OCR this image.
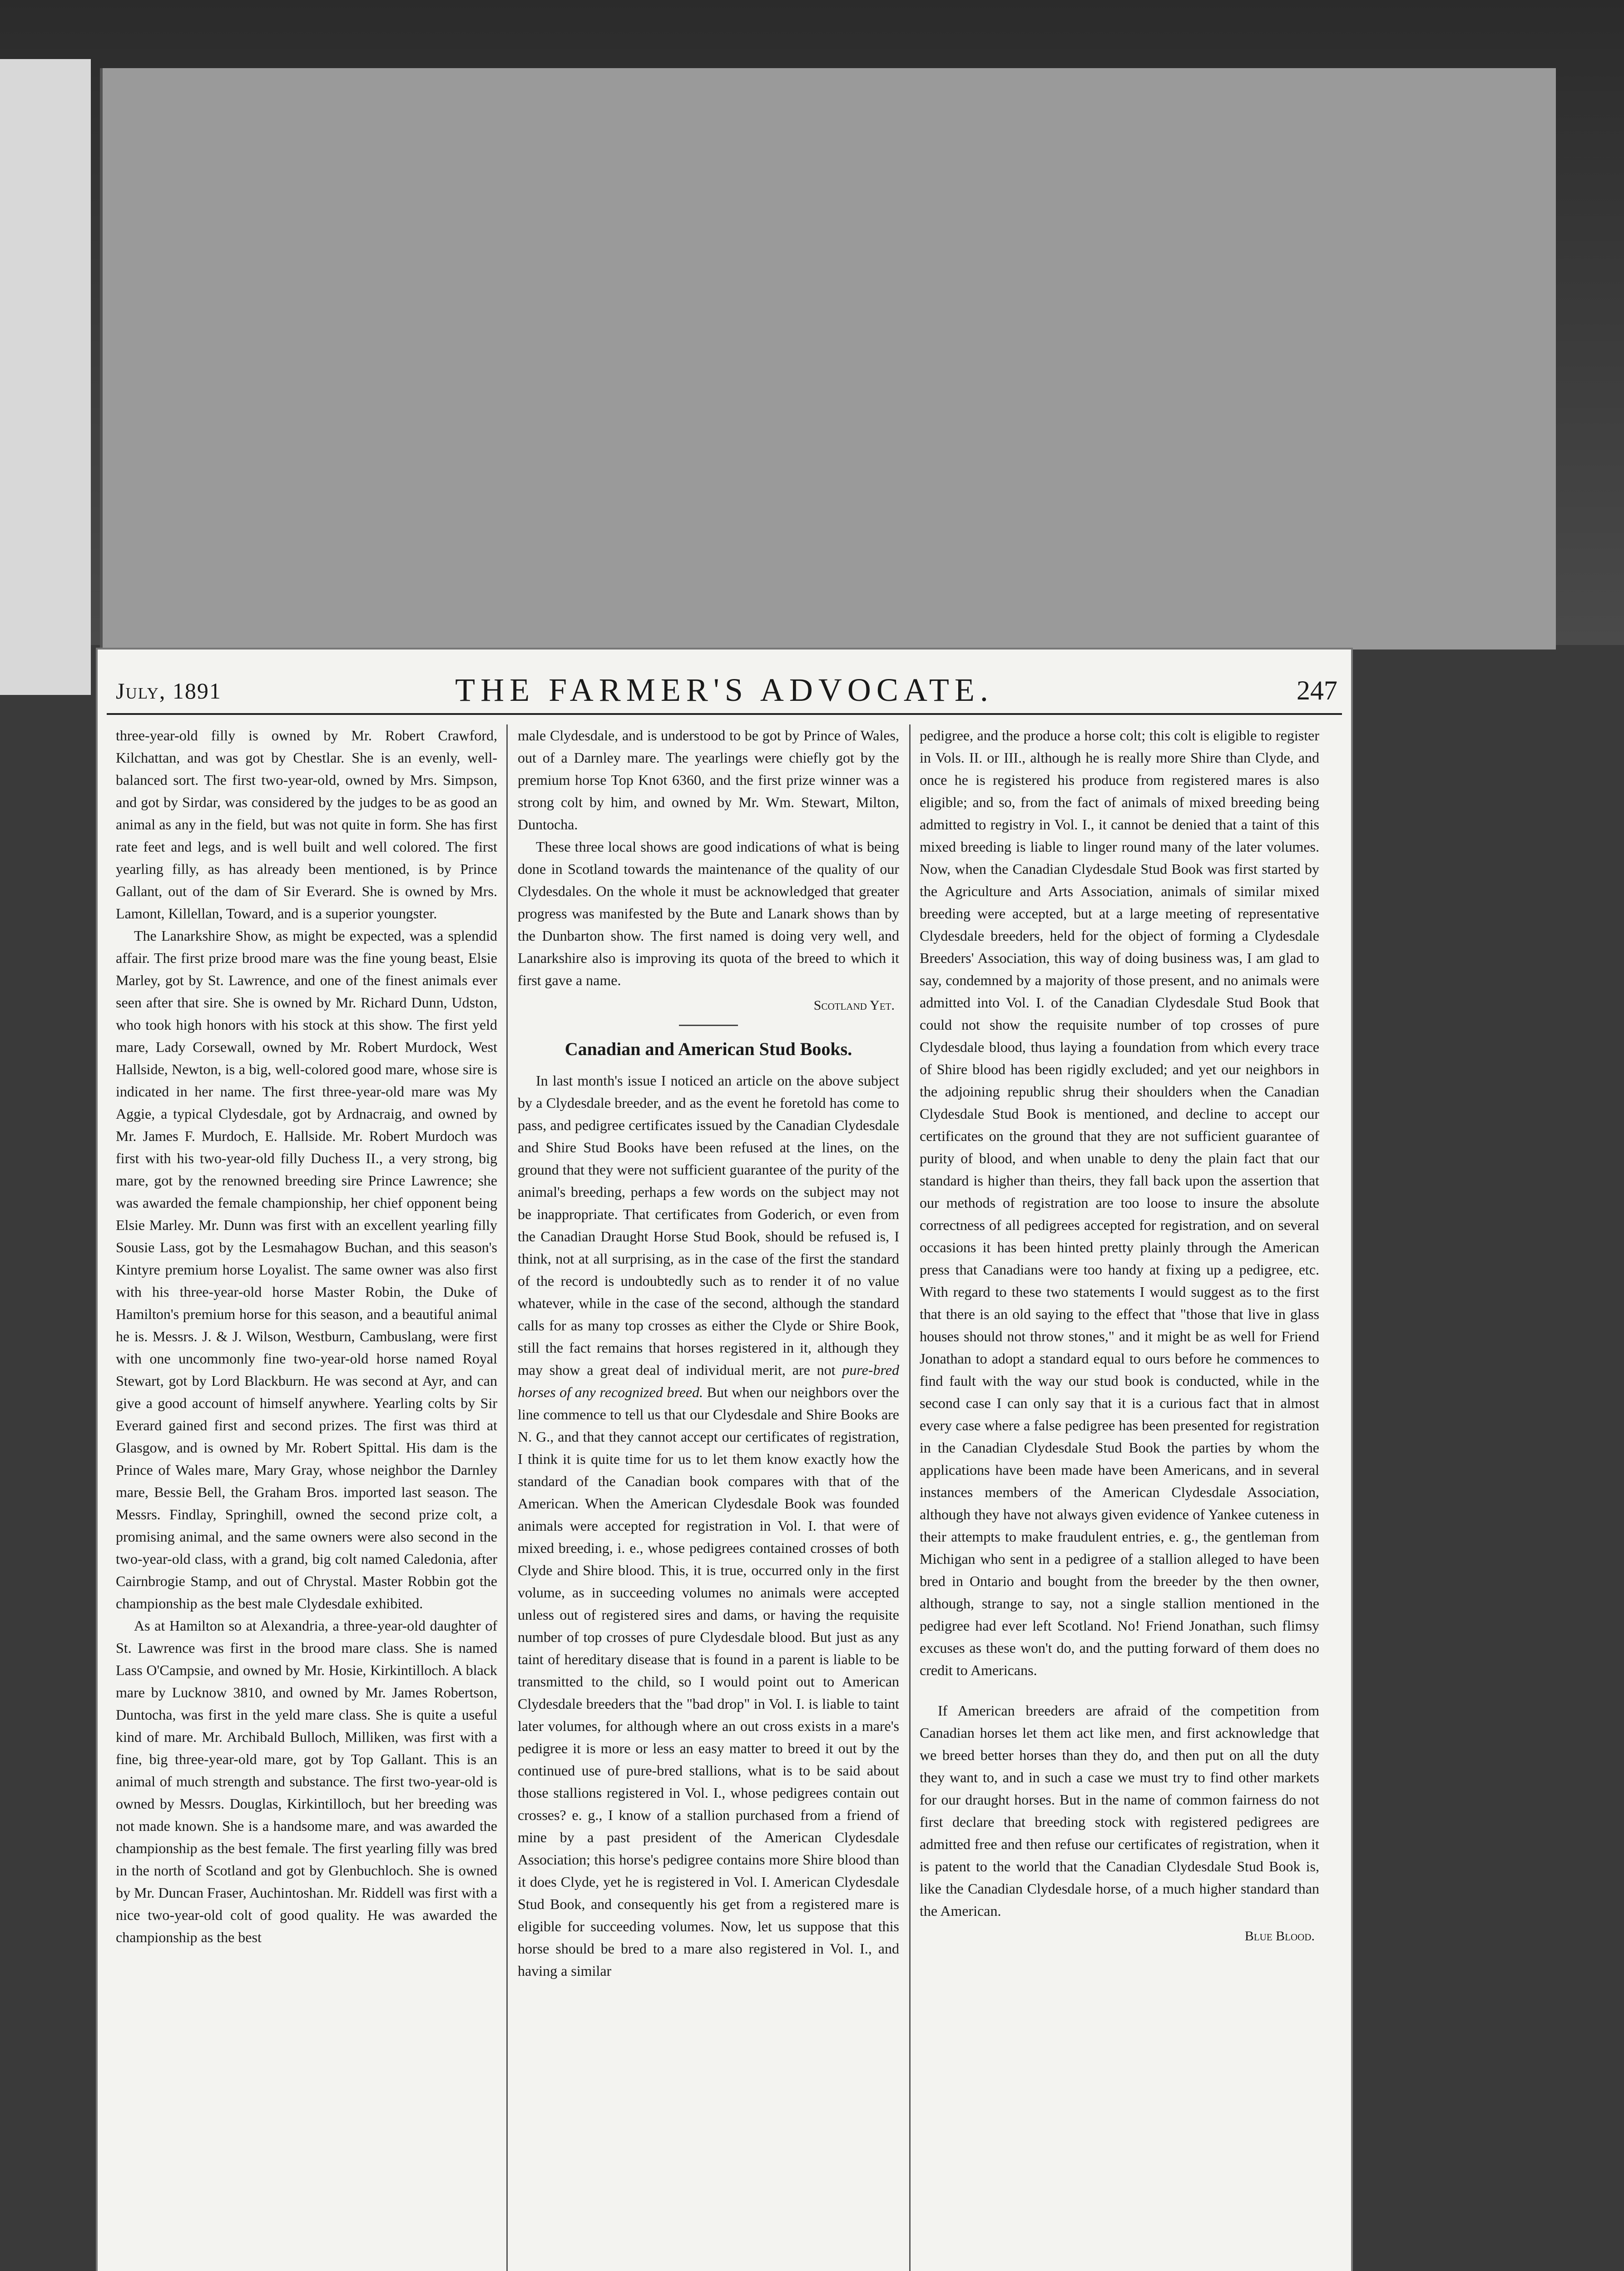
July, 1891	THE FARMER'S ADVOCATE.	247

three-year-old filly is owned by Mr. Robert Crawford, Kilchattan, and was got by Chestlar. She is an evenly, well-balanced sort. The first two-year-old, owned by Mrs. Simpson, and got by Sirdar, was considered by the judges to be as good an animal as any in the field, but was not quite in form. She has first rate feet and legs, and is well built and well colored. The first yearling filly, as has already been mentioned, is by Prince Gallant, out of the dam of Sir Everard. She is owned by Mrs. Lamont, Killellan, Toward, and is a superior youngster.

The Lanarkshire Show, as might be expected, was a splendid affair. The first prize brood mare was the fine young beast, Elsie Marley, got by St. Lawrence, and one of the finest animals ever seen after that sire. She is owned by Mr. Richard Dunn, Udston, who took high honors with his stock at this show. The first yeld mare, Lady Corsewall, owned by Mr. Robert Murdock, West Hallside, Newton, is a big, well-colored good mare, whose sire is indicated in her name. The first three-year-old mare was My Aggie, a typical Clydesdale, got by Ardnacraig, and owned by Mr. James F. Murdoch, E. Hallside. Mr. Robert Murdoch was first with his two-year-old filly Duchess II., a very strong, big mare, got by the renowned breeding sire Prince Lawrence; she was awarded the female championship, her chief opponent being Elsie Marley. Mr. Dunn was first with an excellent yearling filly Sousie Lass, got by the Lesmahagow Buchan, and this season's Kintyre premium horse Loyalist. The same owner was also first with his three-year-old horse Master Robin, the Duke of Hamilton's premium horse for this season, and a beautiful animal he is. Messrs. J. & J. Wilson, Westburn, Cambuslang, were first with one uncommonly fine two-year-old horse named Royal Stewart, got by Lord Blackburn. He was second at Ayr, and can give a good account of himself anywhere. Yearling colts by Sir Everard gained first and second prizes. The first was third at Glasgow, and is owned by Mr. Robert Spittal. His dam is the Prince of Wales mare, Mary Gray, whose neighbor the Darnley mare, Bessie Bell, the Graham Bros. imported last season. The Messrs. Findlay, Springhill, owned the second prize colt, a promising animal, and the same owners were also second in the two-year-old class, with a grand, big colt named Caledonia, after Cairnbrogie Stamp, and out of Chrystal. Master Robbin got the championship as the best male Clydesdale exhibited.

As at Hamilton so at Alexandria, a three-year-old daughter of St. Lawrence was first in the brood mare class. She is named Lass O'Campsie, and owned by Mr. Hosie, Kirkintilloch. A black mare by Lucknow 3810, and owned by Mr. James Robertson, Duntocha, was first in the yeld mare class. She is quite a useful kind of mare. Mr. Archibald Bulloch, Milliken, was first with a fine, big three-year-old mare, got by Top Gallant. This is an animal of much strength and substance. The first two-year-old is owned by Messrs. Douglas, Kirkintilloch, but her breeding was not made known. She is a handsome mare, and was awarded the championship as the best female. The first yearling filly was bred in the north of Scotland and got by Glenbuchloch. She is owned by Mr. Duncan Fraser, Auchintoshan. Mr. Riddell was first with a nice two-year-old colt of good quality. He was awarded the championship as the best

male Clydesdale, and is understood to be got by Prince of Wales, out of a Darnley mare. The yearlings were chiefly got by the premium horse Top Knot 6360, and the first prize winner was a strong colt by him, and owned by Mr. Wm. Stewart, Milton, Duntocha.

These three local shows are good indications of what is being done in Scotland towards the maintenance of the quality of our Clydesdales. On the whole it must be acknowledged that greater progress was manifested by the Bute and Lanark shows than by the Dunbarton show. The first named is doing very well, and Lanarkshire also is improving its quota of the breed to which it first gave a name.

Scotland Yet.
Canadian and American Stud Books.

In last month's issue I noticed an article on the above subject by a Clydesdale breeder, and as the event he foretold has come to pass, and pedigree certificates issued by the Canadian Clydesdale and Shire Stud Books have been refused at the lines, on the ground that they were not sufficient guarantee of the purity of the animal's breeding, perhaps a few words on the subject may not be inappropriate. That certificates from Goderich, or even from the Canadian Draught Horse Stud Book, should be refused is, I think, not at all surprising, as in the case of the first the standard of the record is undoubtedly such as to render it of no value whatever, while in the case of the second, although the standard calls for as many top crosses as either the Clyde or Shire Book, still the fact remains that horses registered in it, although they may show a great deal of individual merit, are not pure-bred horses of any recognized breed. But when our neighbors over the line commence to tell us that our Clydesdale and Shire Books are N. G., and that they cannot accept our certificates of registration, I think it is quite time for us to let them know exactly how the standard of the Canadian book compares with that of the American. When the American Clydesdale Book was founded animals were accepted for registration in Vol. I. that were of mixed breeding, i. e., whose pedigrees contained crosses of both Clyde and Shire blood. This, it is true, occurred only in the first volume, as in succeeding volumes no animals were accepted unless out of registered sires and dams, or having the requisite number of top crosses of pure Clydesdale blood. But just as any taint of hereditary disease that is found in a parent is liable to be transmitted to the child, so I would point out to American Clydesdale breeders that the "bad drop" in Vol. I. is liable to taint later volumes, for although where an out cross exists in a mare's pedigree it is more or less an easy matter to breed it out by the continued use of pure-bred stallions, what is to be said about those stallions registered in Vol. I., whose pedigrees contain out crosses? e. g., I know of a stallion purchased from a friend of mine by a past president of the American Clydesdale Association; this horse's pedigree contains more Shire blood than it does Clyde, yet he is registered in Vol. I. American Clydesdale Stud Book, and consequently his get from a registered mare is eligible for succeeding volumes. Now, let us suppose that this horse should be bred to a mare also registered in Vol. I., and having a similar

pedigree, and the produce a horse colt; this colt is eligible to register in Vols. II. or III., although he is really more Shire than Clyde, and once he is registered his produce from registered mares is also eligible; and so, from the fact of animals of mixed breeding being admitted to registry in Vol. I., it cannot be denied that a taint of this mixed breeding is liable to linger round many of the later volumes. Now, when the Canadian Clydesdale Stud Book was first started by the Agriculture and Arts Association, animals of similar mixed breeding were accepted, but at a large meeting of representative Clydesdale breeders, held for the object of forming a Clydesdale Breeders' Association, this way of doing business was, I am glad to say, condemned by a majority of those present, and no animals were admitted into Vol. I. of the Canadian Clydesdale Stud Book that could not show the requisite number of top crosses of pure Clydesdale blood, thus laying a foundation from which every trace of Shire blood has been rigidly excluded; and yet our neighbors in the adjoining republic shrug their shoulders when the Canadian Clydesdale Stud Book is mentioned, and decline to accept our certificates on the ground that they are not sufficient guarantee of purity of blood, and when unable to deny the plain fact that our standard is higher than theirs, they fall back upon the assertion that our methods of registration are too loose to insure the absolute correctness of all pedigrees accepted for registration, and on several occasions it has been hinted pretty plainly through the American press that Canadians were too handy at fixing up a pedigree, etc. With regard to these two statements I would suggest as to the first that there is an old saying to the effect that "those that live in glass houses should not throw stones," and it might be as well for Friend Jonathan to adopt a standard equal to ours before he commences to find fault with the way our stud book is conducted, while in the second case I can only say that it is a curious fact that in almost every case where a false pedigree has been presented for registration in the Canadian Clydesdale Stud Book the parties by whom the applications have been made have been Americans, and in several instances members of the American Clydesdale Association, although they have not always given evidence of Yankee cuteness in their attempts to make fraudulent entries, e. g., the gentleman from Michigan who sent in a pedigree of a stallion alleged to have been bred in Ontario and bought from the breeder by the then owner, although, strange to say, not a single stallion mentioned in the pedigree had ever left Scotland. No! Friend Jonathan, such flimsy excuses as these won't do, and the putting forward of them does no credit to Americans.

If American breeders are afraid of the competition from Canadian horses let them act like men, and first acknowledge that we breed better horses than they do, and then put on all the duty they want to, and in such a case we must try to find other markets for our draught horses. But in the name of common fairness do not first declare that breeding stock with registered pedigrees are admitted free and then refuse our certificates of registration, when it is patent to the world that the Canadian Clydesdale Stud Book is, like the Canadian Clydesdale horse, of a much higher standard than the American.

Blue Blood.
